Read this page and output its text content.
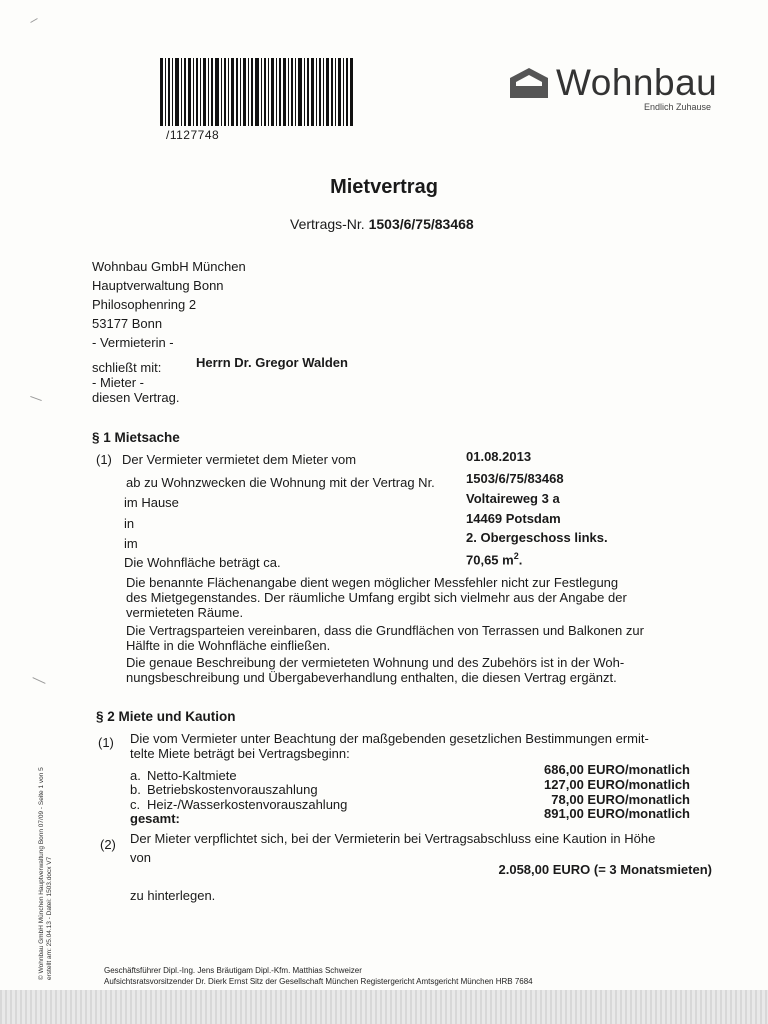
/1127748
Wohnbau
Endlich Zuhause
Mietvertrag
Vertrags-Nr. 1503/6/75/83468
Wohnbau GmbH München
Hauptverwaltung Bonn
Philosophenring 2
53177 Bonn
- Vermieterin -
schließt mit:	Herrn Dr. Gregor Walden
- Mieter -
diesen Vertrag.
§ 1 Mietsache
(1) Der Vermieter vermietet dem Mieter vom	01.08.2013
ab zu Wohnzwecken die Wohnung mit der Vertrag Nr. 1503/6/75/83468
im Hause	Voltaireweg 3 a
in	14469 Potsdam
im	2. Obergeschoss links.
Die Wohnfläche beträgt ca.	70,65 $m^2$.
Die benannte Flächenangabe dient wegen möglicher Messfehler nicht zur Festlegung
des Mietgegenstandes. Der räumliche Umfang ergibt sich vielmehr aus der Angabe der
vermieteten Räume.
Die Vertragsparteien vereinbaren, dass die Grundflächen von Terrassen und Balkonen zur
Hälfte in die Wohnfläche einfließen.
Die genaue Beschreibung der vermieteten Wohnung und des Zubehörs ist in der Woh-
nungsbeschreibung und Übergabeverhandlung enthalten, die diesen Vertrag ergänzt.
§ 2 Miete und Kaution
(1) Die vom Vermieter unter Beachtung der maßgebenden gesetzlichen Bestimmungen ermit-
telte Miete beträgt bei Vertragsbeginn:
a. Netto-Kaltmiete	686,00 EURO/monatlich
b. Betriebskostenvorauszahlung	127,00 EURO/monatlich
c. Heiz-/Wasserkostenvorauszahlung	78,00 EURO/monatlich
gesamt:	891,00 EURO/monatlich
(2) Der Mieter verpflichtet sich, bei der Vermieterin bei Vertragsabschluss eine Kaution in Höhe
von
2.058,00 EURO (= 3 Monatsmieten)
zu hinterlegen.
© Wohnbau GmbH München Hauptverwaltung Bonn 07/09 - Seite 1 von 5 erstellt am: 25.04.13 - Datei: 1503.docx V7	Geschäftsführer Dipl.-Ing. Jens Bräutigam Dipl.-Kfm. Matthias Schweizer
Aufsichtsratsvorsitzender Dr. Dierk Ernst Sitz der Gesellschaft München Registergericht Amtsgericht München HRB 7684
